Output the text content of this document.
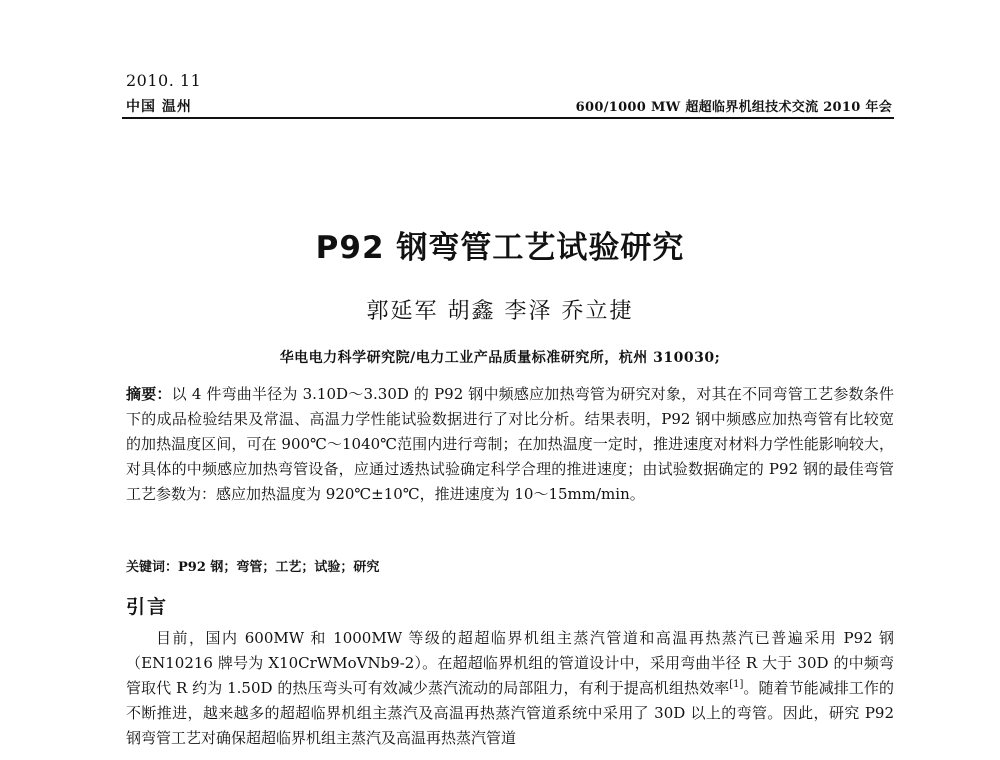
2010. 11
中国 温州	600/1000 MW 超超临界机组技术交流 2010 年会
P92 钢弯管工艺试验研究
郭延军 胡鑫 李泽 乔立捷
华电电力科学研究院/电力工业产品质量标准研究所，杭州 310030;
摘要：以 4 件弯曲半径为 3.10D～3.30D 的 P92 钢中频感应加热弯管为研究对象，对其在不同弯管工艺参数条件下的成品检验结果及常温、高温力学性能试验数据进行了对比分析。结果表明，P92 钢中频感应加热弯管有比较宽的加热温度区间，可在 900℃～1040℃范围内进行弯制；在加热温度一定时，推进速度对材料力学性能影响较大，对具体的中频感应加热弯管设备，应通过透热试验确定科学合理的推进速度；由试验数据确定的 P92 钢的最佳弯管工艺参数为：感应加热温度为 920℃±10℃，推进速度为 10～15mm/min。
关键词：P92 钢；弯管；工艺；试验；研究
引言
目前，国内 600MW 和 1000MW 等级的超超临界机组主蒸汽管道和高温再热蒸汽已普遍采用 P92 钢（EN10216 牌号为 X10CrWMoVNb9-2）。在超超临界机组的管道设计中，采用弯曲半径 R 大于 30D 的中频弯管取代 R 约为 1.50D 的热压弯头可有效减少蒸汽流动的局部阻力，有利于提高机组热效率[1]。随着节能减排工作的不断推进，越来越多的超超临界机组主蒸汽及高温再热蒸汽管道系统中采用了 30D 以上的弯管。因此，研究 P92 钢弯管工艺对确保超超临界机组主蒸汽及高温再热蒸汽管道
